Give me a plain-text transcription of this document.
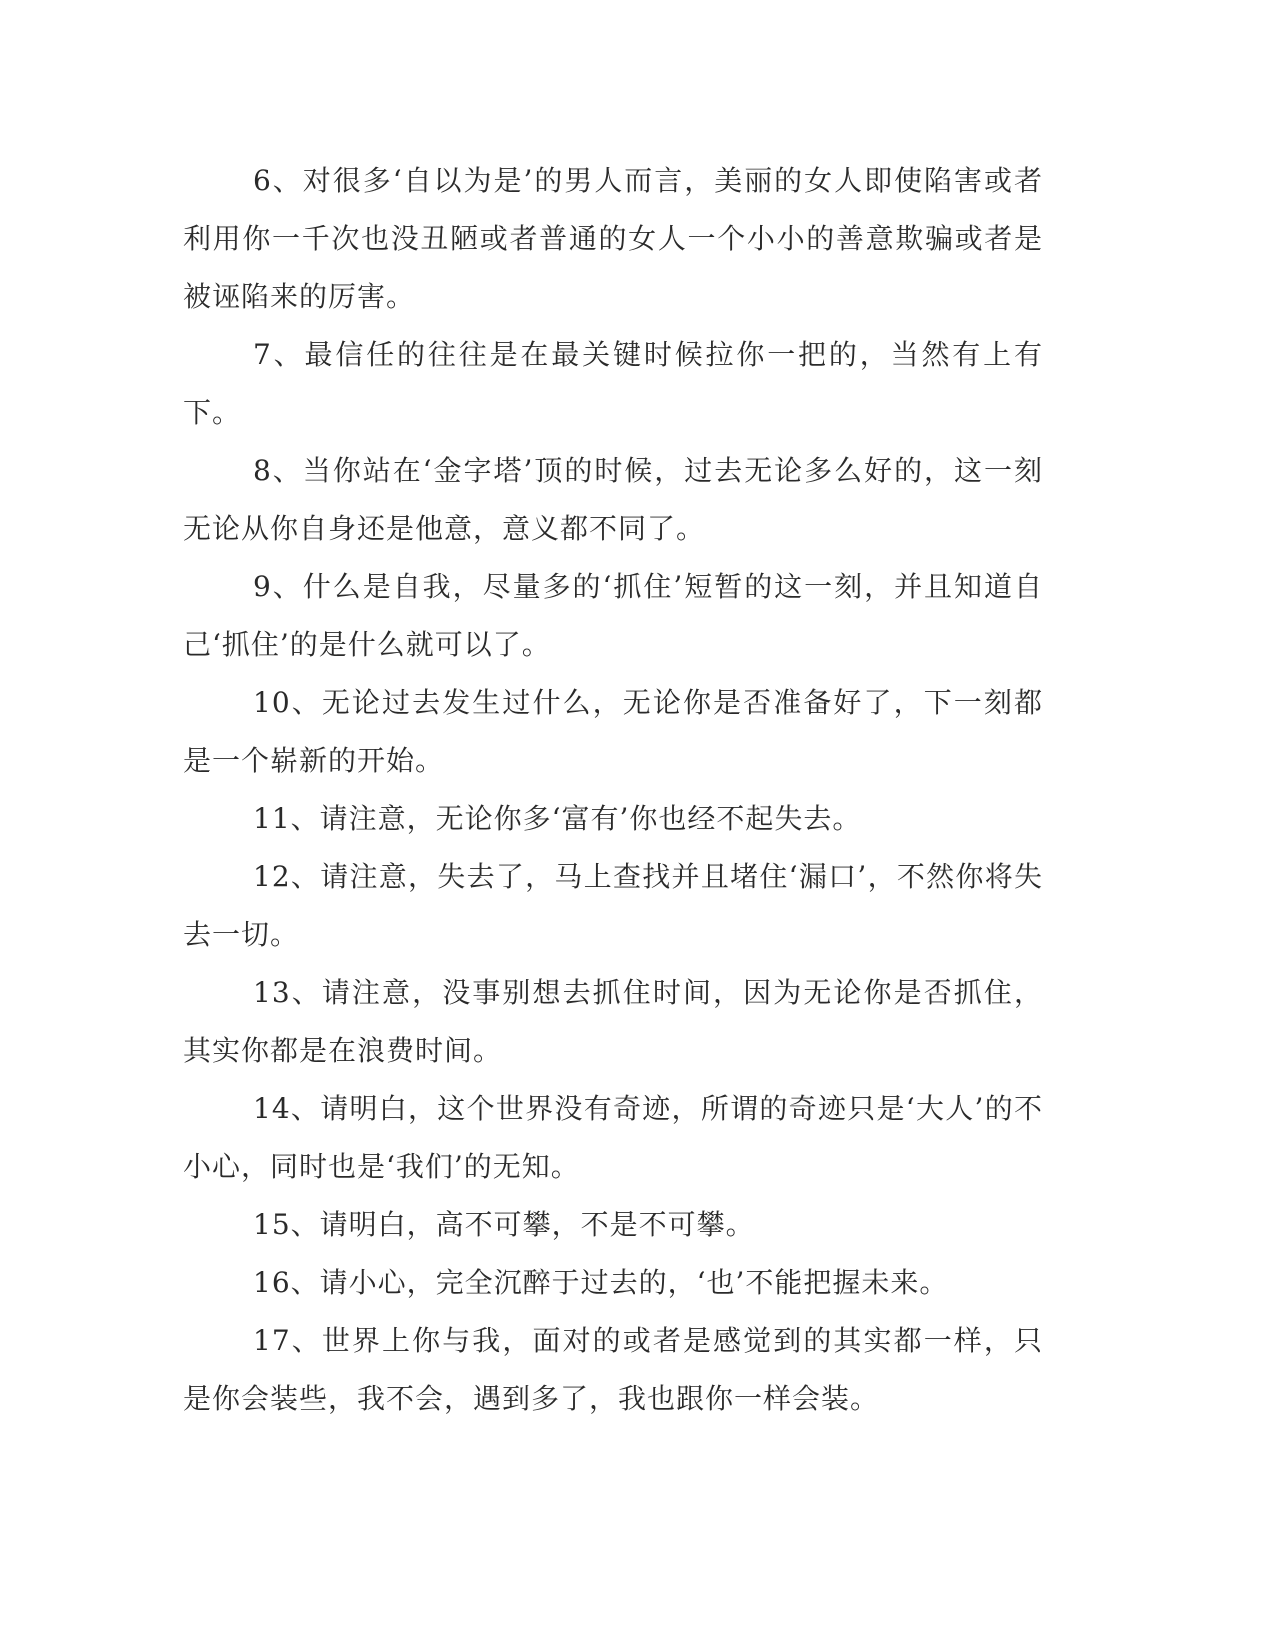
6、对很多‘自以为是’的男人而言，美丽的女人即使陷害或者利用你一千次也没丑陋或者普通的女人一个小小的善意欺骗或者是被诬陷来的厉害。

7、最信任的往往是在最关键时候拉你一把的，当然有上有下。

8、当你站在‘金字塔’顶的时候，过去无论多么好的，这一刻无论从你自身还是他意，意义都不同了。

9、什么是自我，尽量多的‘抓住’短暂的这一刻，并且知道自己‘抓住’的是什么就可以了。

10、无论过去发生过什么，无论你是否准备好了，下一刻都是一个崭新的开始。

11、请注意，无论你多‘富有’你也经不起失去。

12、请注意，失去了，马上查找并且堵住‘漏口’，不然你将失去一切。

13、请注意，没事别想去抓住时间，因为无论你是否抓住，其实你都是在浪费时间。

14、请明白，这个世界没有奇迹，所谓的奇迹只是‘大人’的不小心，同时也是‘我们’的无知。

15、请明白，高不可攀，不是不可攀。

16、请小心，完全沉醉于过去的，‘也’不能把握未来。

17、世界上你与我，面对的或者是感觉到的其实都一样，只是你会装些，我不会，遇到多了，我也跟你一样会装。
